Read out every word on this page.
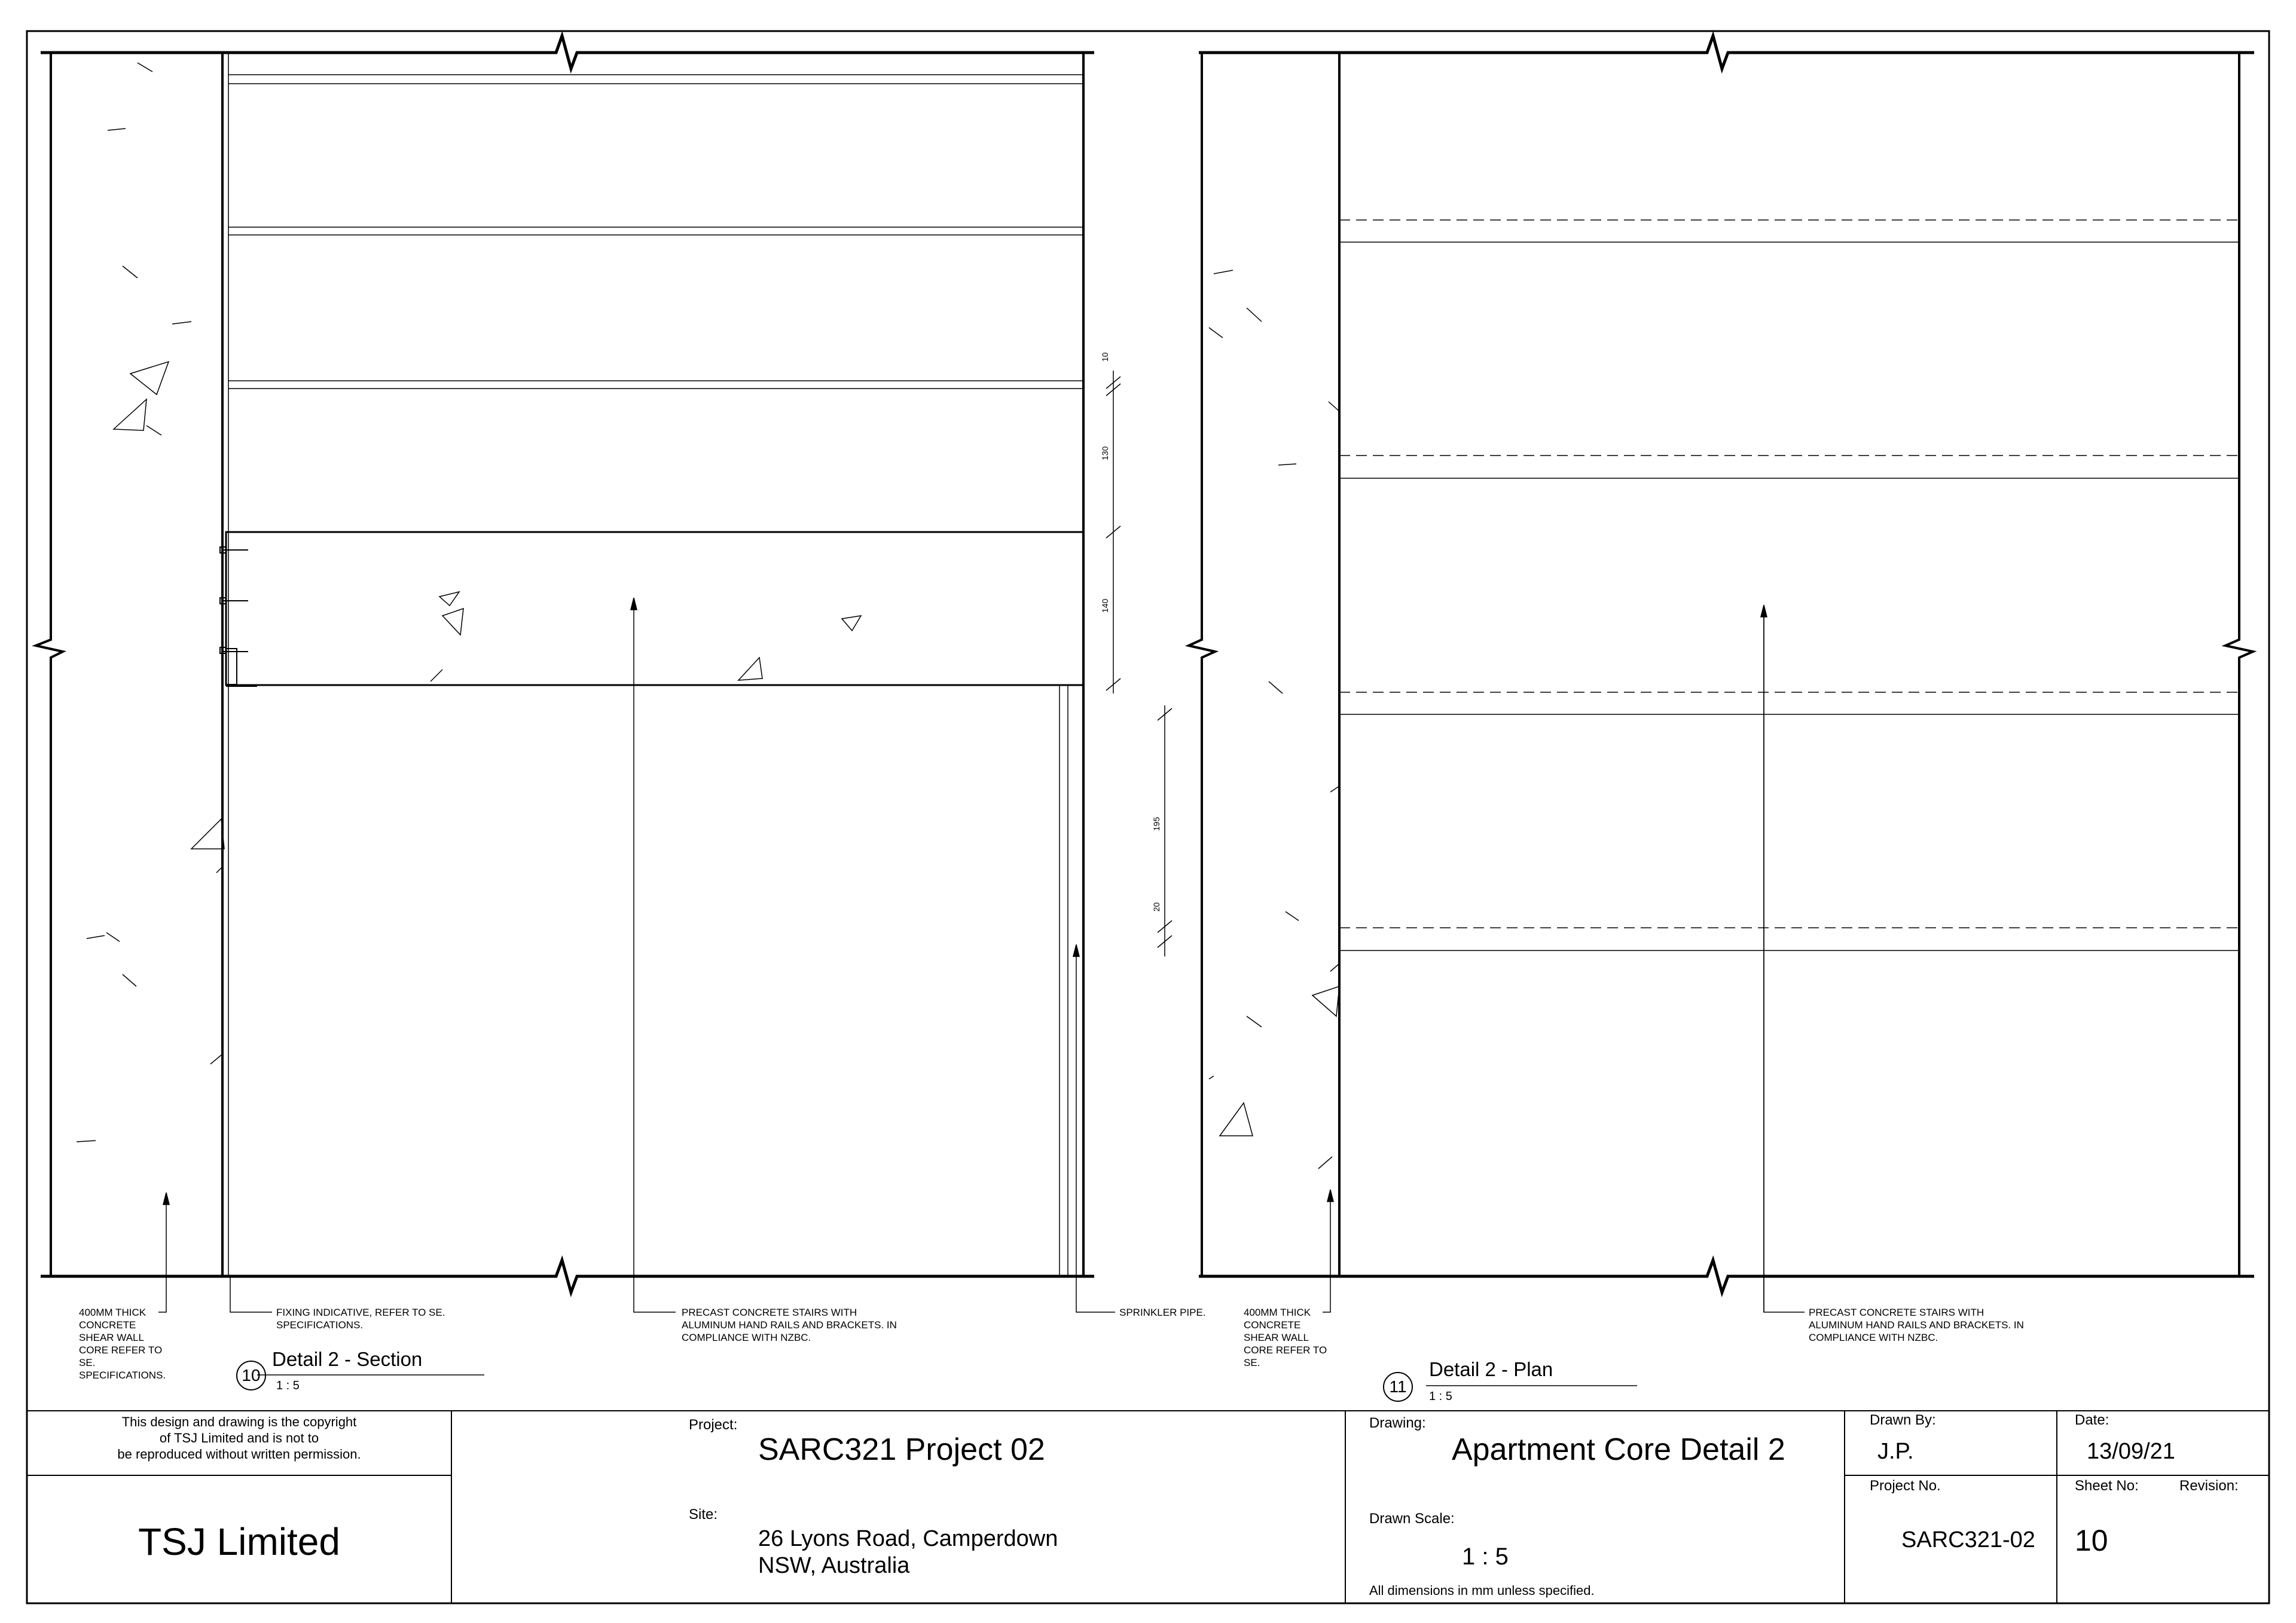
10
130
140
195
20
400MM THICK
CONCRETE
SHEAR WALL
CORE REFER TO
SE.
SPECIFICATIONS.
FIXING INDICATIVE, REFER TO SE.
SPECIFICATIONS.
PRECAST CONCRETE STAIRS WITH
ALUMINUM HAND RAILS AND BRACKETS. IN
COMPLIANCE WITH NZBC.
SPRINKLER PIPE.
10
Detail 2 - Section
1 : 5
400MM THICK
CONCRETE
SHEAR WALL
CORE REFER TO
SE.
PRECAST CONCRETE STAIRS WITH
ALUMINUM HAND RAILS AND BRACKETS. IN
COMPLIANCE WITH NZBC.
11
Detail 2 - Plan
1 : 5
This design and drawing is the copyright
of TSJ Limited and is not to
be reproduced without written permission.
TSJ Limited
Project:
SARC321 Project 02
Site:
26 Lyons Road, Camperdown
NSW, Australia
Drawing:
Apartment Core Detail 2
Drawn Scale:
1 : 5
All dimensions in mm unless specified.
Drawn By:
J.P.
Date:
13/09/21
Project No.
SARC321-02
Sheet No:	Revision:
10
